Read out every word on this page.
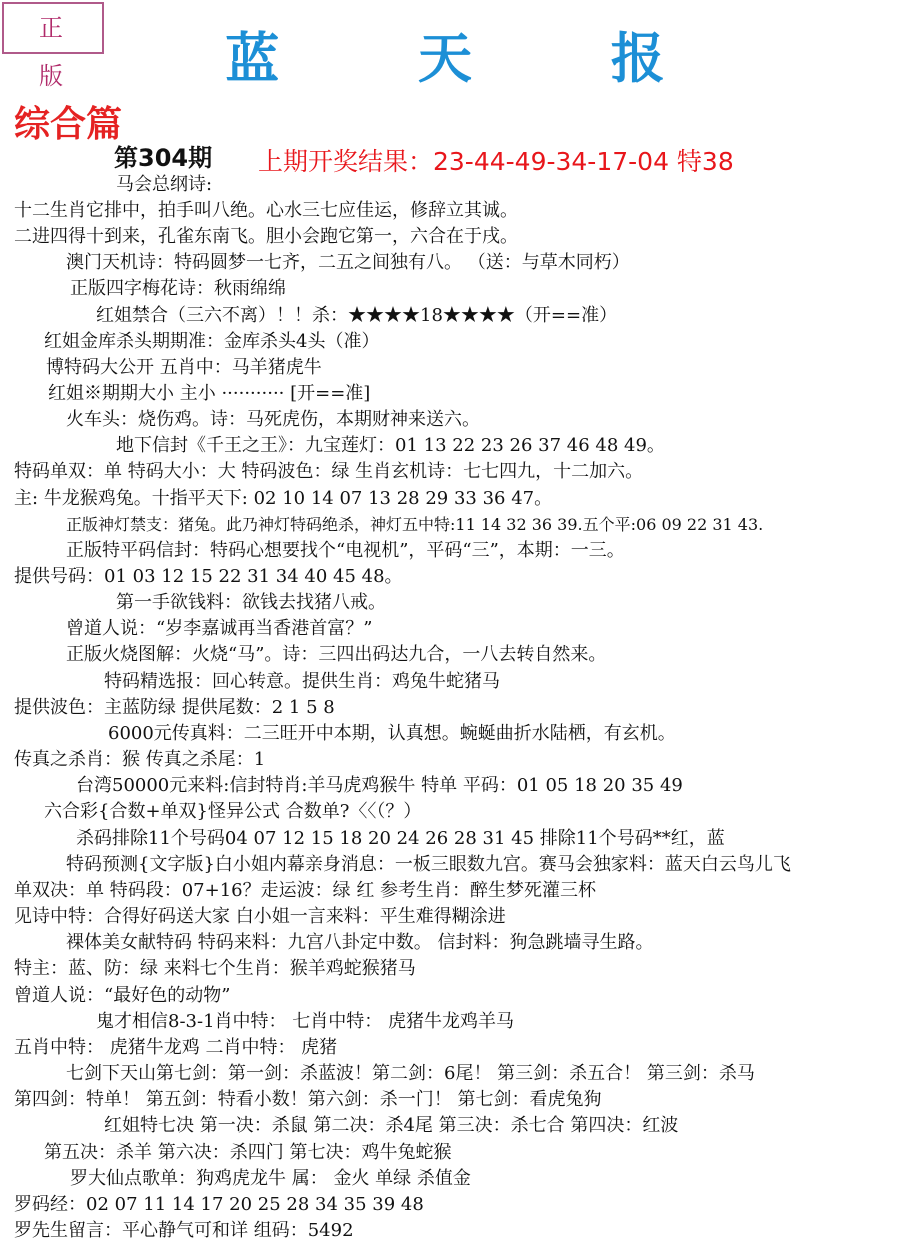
正 版	蓝 天 报
综合篇
第304期 上期开奖结果：23-44-49-34-17-04 特38
马会总纲诗:
十二生肖它排中，拍手叫八绝。心水三七应佳运，修辞立其诚。
二进四得十到来，孔雀东南飞。胆小会跑它第一，六合在于戌。
澳门天机诗：特码圆梦一七齐，二五之间独有八。 （送：与草木同朽）
正版四字梅花诗：秋雨绵绵
红姐禁合（三六不离）！！杀：★★★★18★★★★（开==准）
红姐金库杀头期期准：金库杀头4头（准）
博特码大公开 五肖中：马羊猪虎牛
红姐※期期大小 主小 ··········· [开==准]
火车头：烧伤鸡。诗：马死虎伤，本期财神来送六。
地下信封《千王之王》：九宝莲灯：01 13 22 23 26 37 46 48 49。
特码单双：单 特码大小：大 特码波色：绿 生肖玄机诗：七七四九，十二加六。
主: 牛龙猴鸡兔。十指平天下: 02 10 14 07 13 28 29 33 36 47。
正版神灯禁支：猪兔。此乃神灯特码绝杀，神灯五中特:11 14 32 36 39.五个平:06 09 22 31 43.
正版特平码信封：特码心想要找个“电视机”，平码“三”，本期：一三。
提供号码：01 03 12 15 22 31 34 40 45 48。
第一手欲钱料：欲钱去找猪八戒。
曾道人说：“岁李嘉诚再当香港首富？”
正版火烧图解：火烧“马”。诗：三四出码达九合，一八去转自然来。
特码精选报：回心转意。提供生肖：鸡兔牛蛇猪马
提供波色：主蓝防绿 提供尾数：2 1 5 8
6000元传真料：二三旺开中本期，认真想。蜿蜒曲折水陆栖，有玄机。
传真之杀肖：猴 传真之杀尾：1
台湾50000元来料:信封特肖:羊马虎鸡猴牛 特单 平码：01 05 18 20 35 49
六合彩{合数+单双}怪异公式 合数单?〈〈（？）
杀码排除11个号码04 07 12 15 18 20 24 26 28 31 45 排除11个号码**红，蓝
特码预测{文字版}白小姐内幕亲身消息：一板三眼数九宫。赛马会独家料：蓝天白云鸟儿飞
单双决：单 特码段：07+16？走运波：绿 红 参考生肖：醉生梦死灌三杯
见诗中特：合得好码送大家 白小姐一言来料：平生难得糊涂进
裸体美女献特码 特码来料：九宫八卦定中数。 信封料：狗急跳墙寻生路。
特主：蓝、防：绿 来料七个生肖：猴羊鸡蛇猴猪马
曾道人说：“最好色的动物”
鬼才相信8-3-1肖中特： 七肖中特： 虎猪牛龙鸡羊马
五肖中特： 虎猪牛龙鸡 二肖中特： 虎猪
七剑下天山第七剑：第一剑：杀蓝波！第二剑：6尾！ 第三剑：杀五合！ 第三剑：杀马
第四剑：特单！ 第五剑：特看小数！第六剑：杀一门！ 第七剑：看虎兔狗
红姐特七决 第一决：杀鼠 第二决：杀4尾 第三决：杀七合 第四决：红波
第五决：杀羊 第六决：杀四门 第七决：鸡牛兔蛇猴
罗大仙点歌单：狗鸡虎龙牛 属： 金火 单绿 杀值金
罗码经：02 07 11 14 17 20 25 28 34 35 39 48
罗先生留言：平心静气可和详 组码：5492
